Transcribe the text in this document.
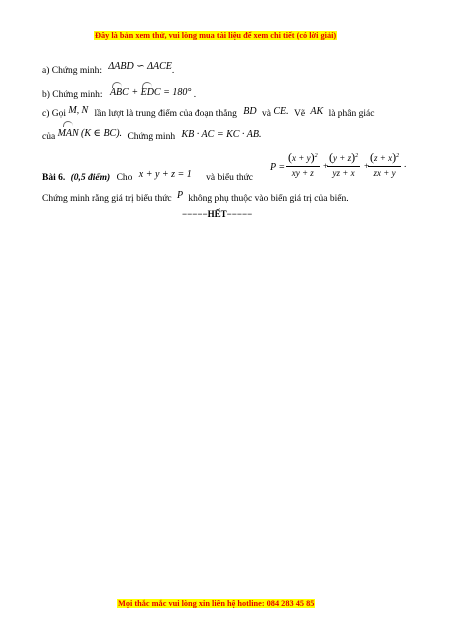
Đây là bản xem thử, vui lòng mua tài liệu để xem chi tiết (có lời giải)
a) Chứng minh: ΔABD ∽ ΔACE.
b) Chứng minh: ABC + EDC = 180° .
c) Gọi M, N lần lượt là trung điểm của đoạn thẳng BD và CE. Vẽ AK là phân giác
của MAN (K ∈ BC). Chứng minh KB · AC = KC · AB.
Bài 6. (0,5 điểm) Cho x + y + z = 1 và biểu thức
$P = \frac{(x + y)^2}{xy + z}$ +
$\frac{(y + z)^2}{yz + x}$ +
$\frac{(z + x)^2}{zx + y}$ .
Chứng minh rằng giá trị biểu thức P không phụ thuộc vào biến giá trị của biến.
−−−−−HẾT−−−−−
Mọi thắc mắc vui lòng xin liên hệ hotline: 084 283 45 85
